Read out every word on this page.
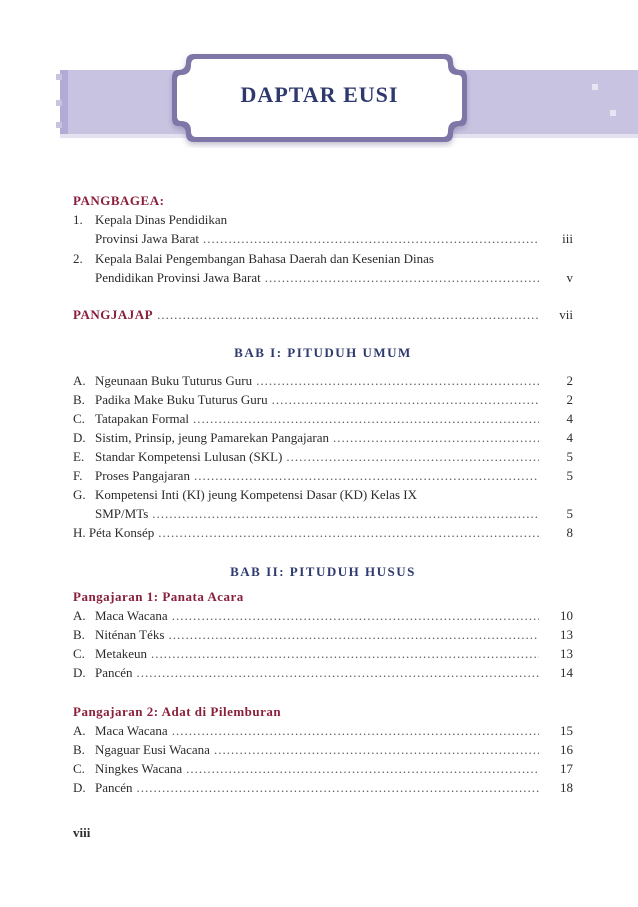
DAPTAR EUSI
PANGBAGEA:
1. Kepala Dinas Pendidikan
Provinsi Jawa Barat .....	iii
2. Kepala Balai Pengembangan Bahasa Daerah dan Kesenian Dinas
Pendidikan Provinsi Jawa Barat .....	v
PANGJAJAP .....	vii
BAB I: PITUDUH UMUM
A. Ngeunaan Buku Tuturus Guru .....	2
B. Padika Make Buku Tuturus Guru .....	2
C. Tatapakan Formal .....	4
D. Sistim, Prinsip, jeung Pamarekan Pangajaran .....	4
E. Standar Kompetensi Lulusan (SKL) .....	5
F. Proses Pangajaran .....	5
G. Kompetensi Inti (KI) jeung Kompetensi Dasar (KD) Kelas IX
SMP/MTs .....	5
H. Péta Konsép .....	8
BAB II: PITUDUH HUSUS
Pangajaran 1: Panata Acara
A. Maca Wacana .....	10
B. Niténan Téks .....	13
C. Metakeun .....	13
D. Pancén .....	14
Pangajaran 2: Adat di Pilemburan
A. Maca Wacana .....	15
B. Ngaguar Eusi Wacana .....	16
C. Ningkes Wacana .....	17
D. Pancén .....	18
viii
